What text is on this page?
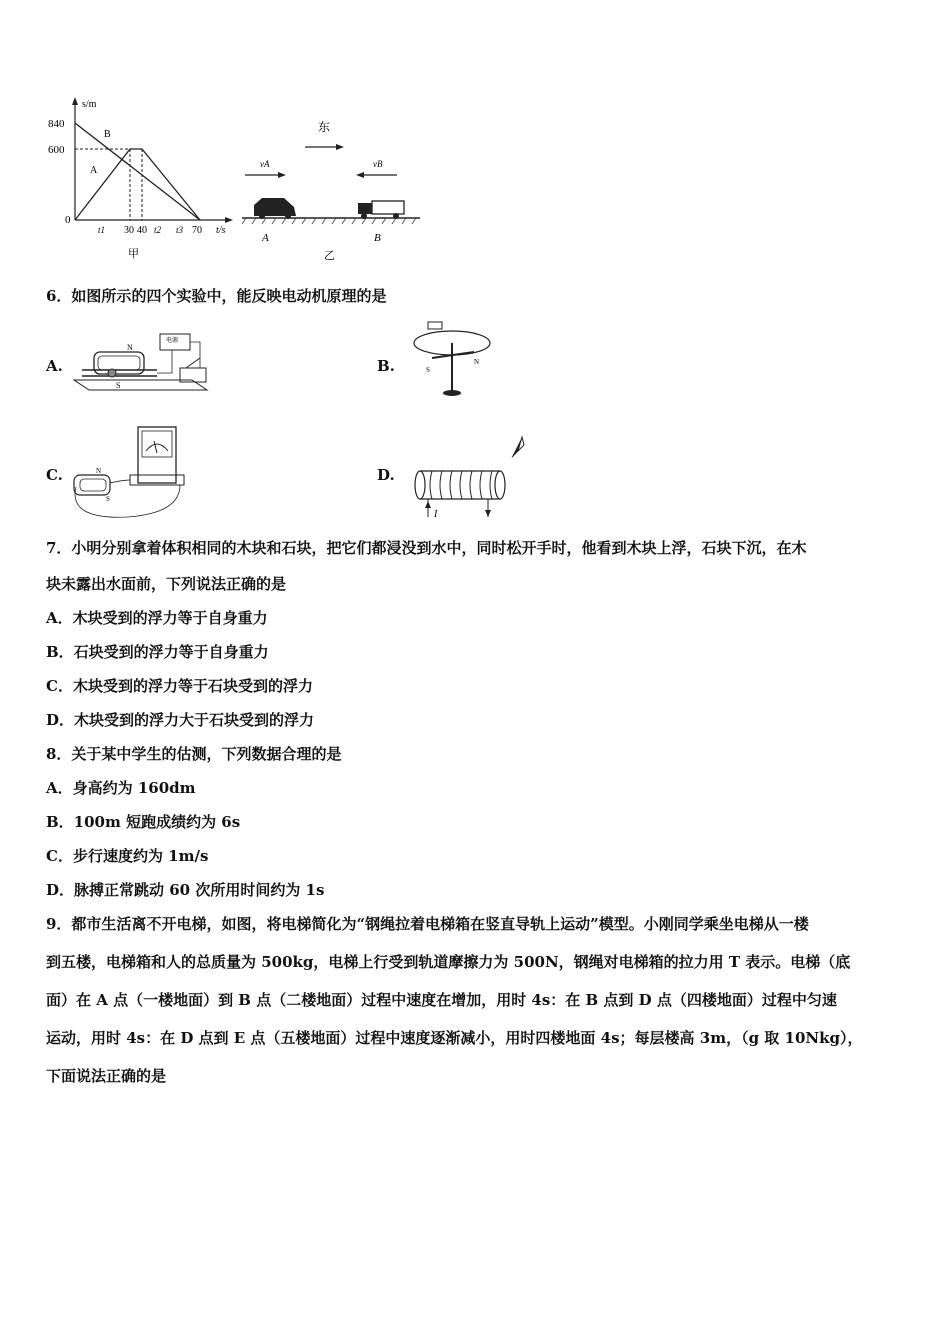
s/m
t/s
840
600
0
B
A
t1 30 40 t2 t3 70
甲
东
vA	vB
A	B
乙
6．如图所示的四个实验中，能反映电动机原理的是
A.
N
S
电源
B.	S
N
C.	N
S
D.
I
7．小明分别拿着体积相同的木块和石块，把它们都浸没到水中，同时松开手时，他看到木块上浮，石块下沉，在木
块未露出水面前，下列说法正确的是
A．木块受到的浮力等于自身重力
B．石块受到的浮力等于自身重力
C．木块受到的浮力等于石块受到的浮力
D．木块受到的浮力大于石块受到的浮力
8．关于某中学生的估测，下列数据合理的是
A．身高约为 160dm
B．100m 短跑成绩约为 6s
C．步行速度约为 1m/s
D．脉搏正常跳动 60 次所用时间约为 1s
9．都市生活离不开电梯，如图，将电梯简化为“钢绳拉着电梯箱在竖直导轨上运动”模型。小刚同学乘坐电梯从一楼
到五楼，电梯箱和人的总质量为 500kg，电梯上行受到轨道摩擦力为 500N，钢绳对电梯箱的拉力用 T 表示。电梯（底
面）在 A 点（一楼地面）到 B 点（二楼地面）过程中速度在增加，用时 4s：在 B 点到 D 点（四楼地面）过程中匀速
运动，用时 4s：在 D 点到 E 点（五楼地面）过程中速度逐渐减小，用时四楼地面 4s；每层楼高 3m，（g 取 10Nkg），
下面说法正确的是
